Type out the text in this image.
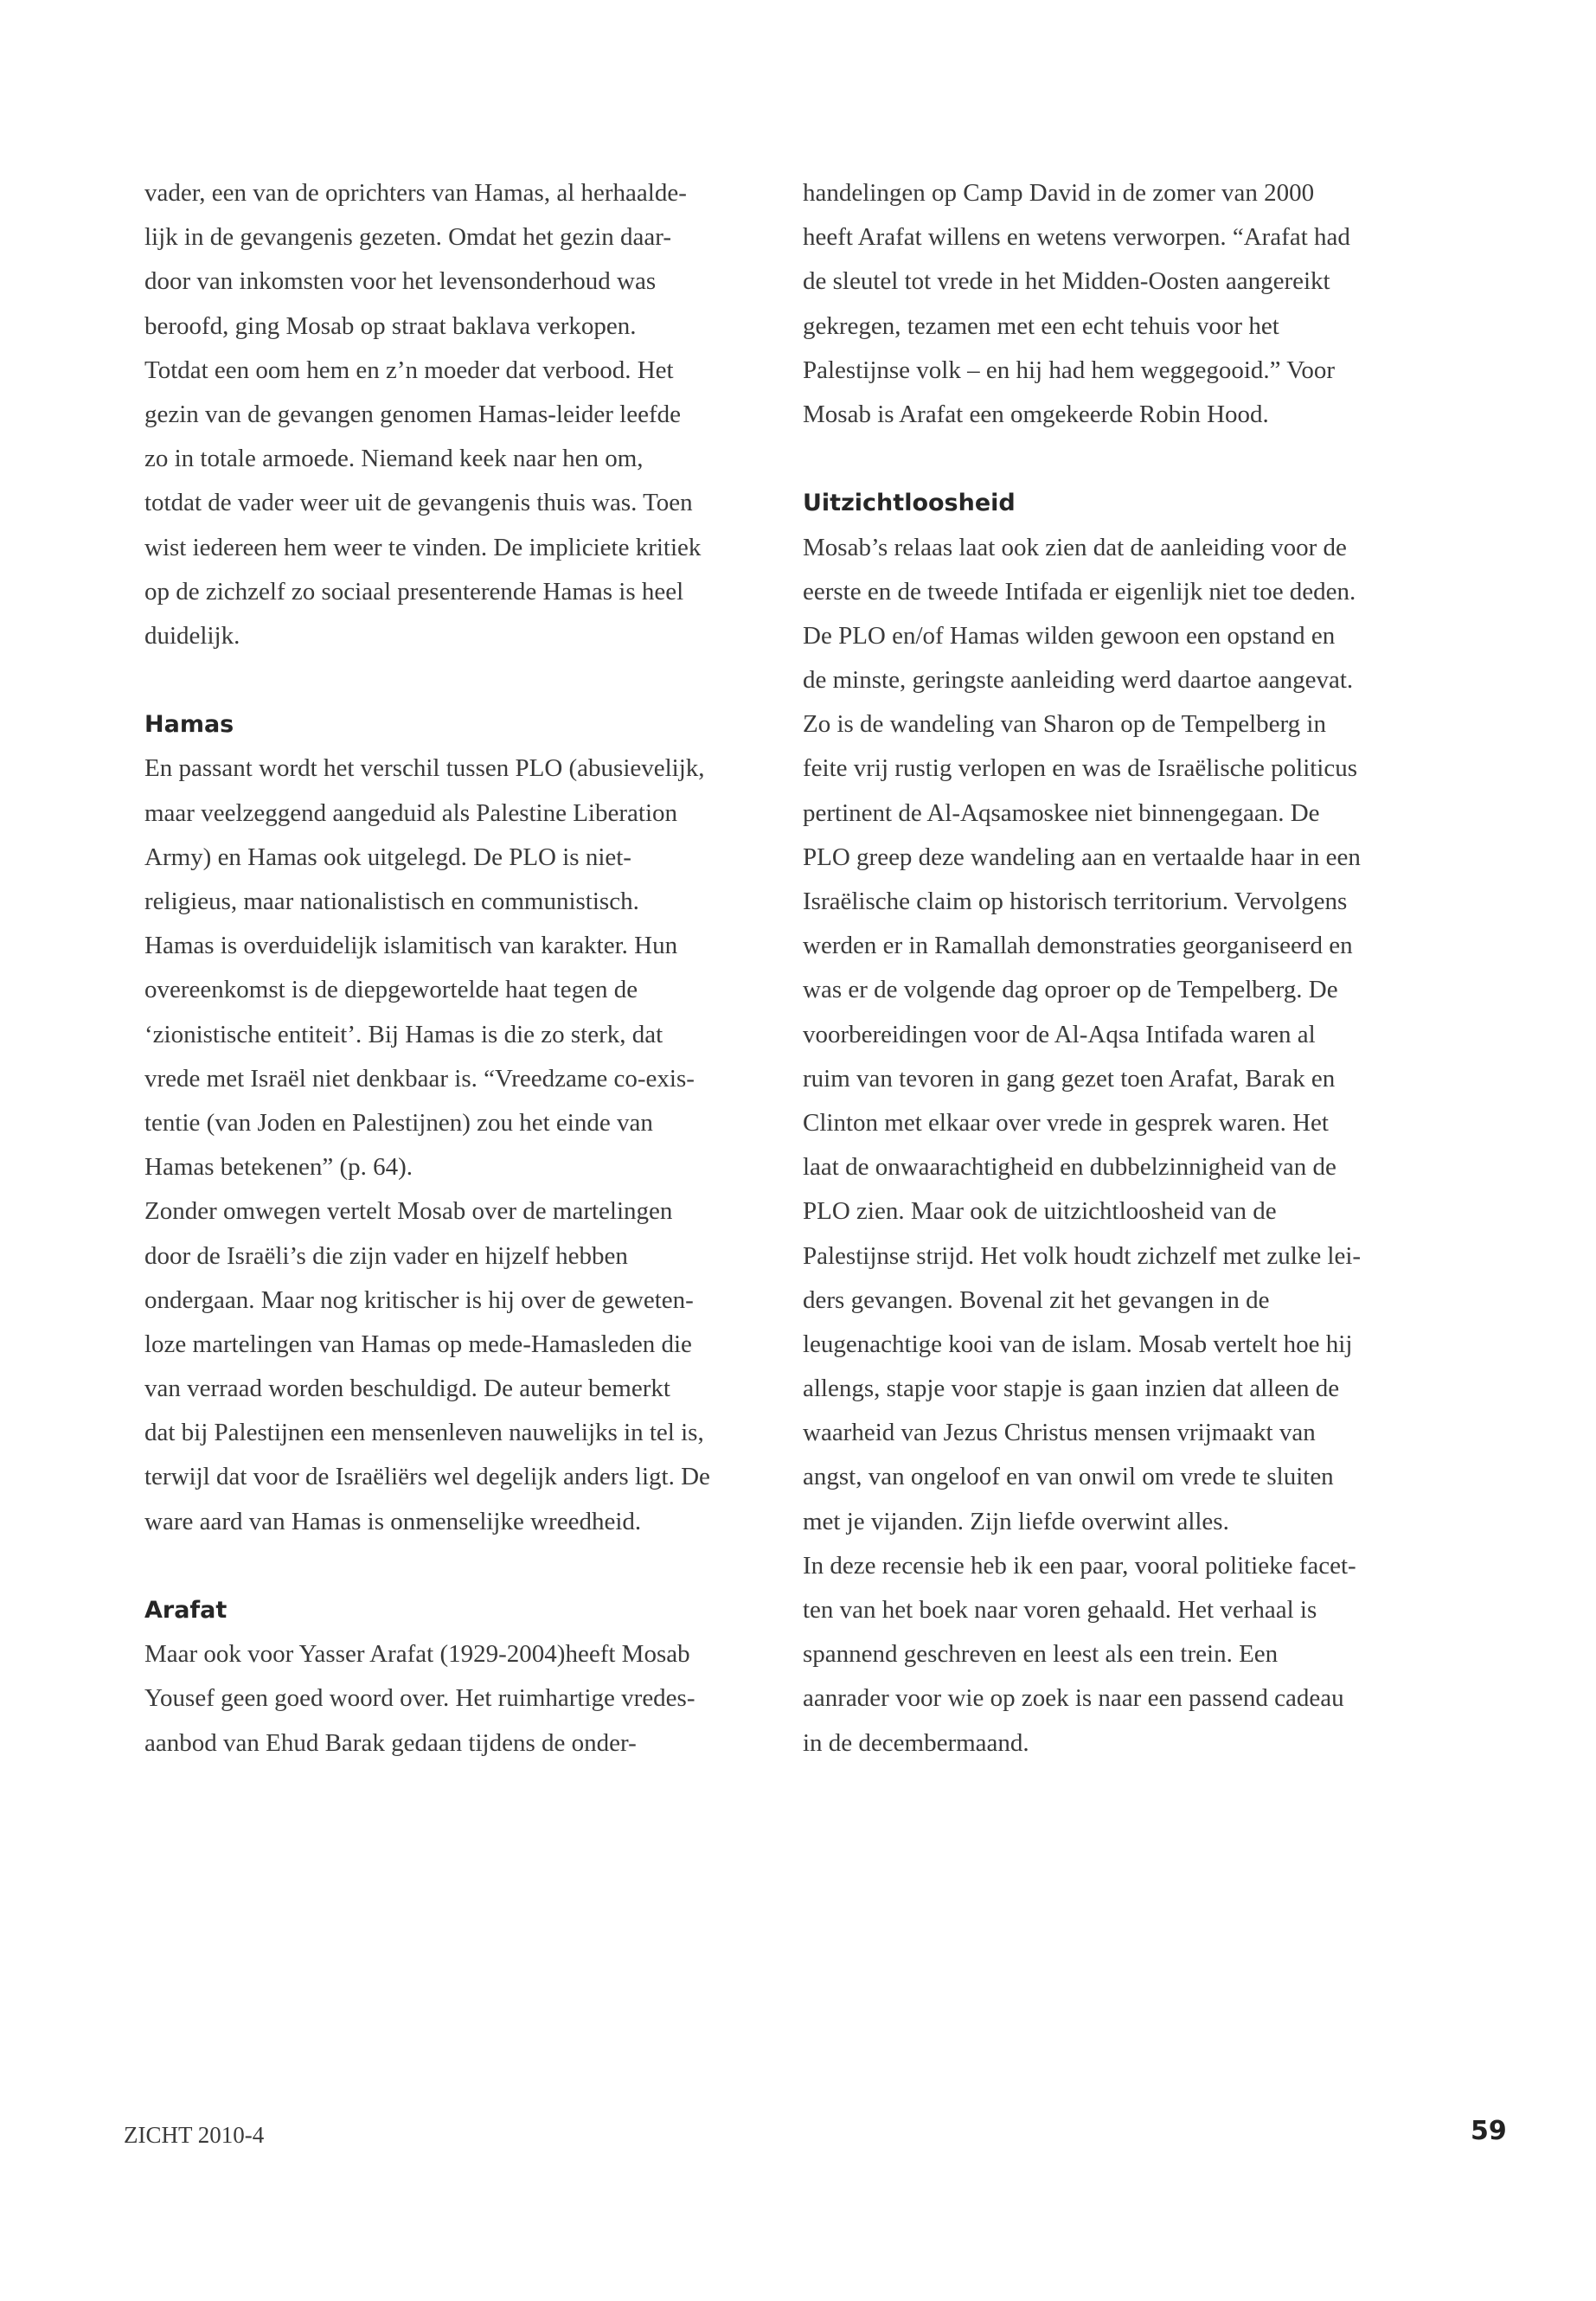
vader, een van de oprichters van Hamas, al herhaalde-
lijk in de gevangenis gezeten. Omdat het gezin daar-
door van inkomsten voor het levensonderhoud was
beroofd, ging Mosab op straat baklava verkopen.
Totdat een oom hem en z’n moeder dat verbood. Het
gezin van de gevangen genomen Hamas-leider leefde
zo in totale armoede. Niemand keek naar hen om,
totdat de vader weer uit de gevangenis thuis was. Toen
wist iedereen hem weer te vinden. De impliciete kritiek
op de zichzelf zo sociaal presenterende Hamas is heel
duidelijk.
Hamas
En passant wordt het verschil tussen PLO (abusievelijk,
maar veelzeggend aangeduid als Palestine Liberation
Army) en Hamas ook uitgelegd. De PLO is niet-
religieus, maar nationalistisch en communistisch.
Hamas is overduidelijk islamitisch van karakter. Hun
overeenkomst is de diepgewortelde haat tegen de
‘zionistische entiteit’. Bij Hamas is die zo sterk, dat
vrede met Israël niet denkbaar is. “Vreedzame co-exis-
tentie (van Joden en Palestijnen) zou het einde van
Hamas betekenen” (p. 64).
Zonder omwegen vertelt Mosab over de martelingen
door de Israëli’s die zijn vader en hijzelf hebben
ondergaan. Maar nog kritischer is hij over de geweten-
loze martelingen van Hamas op mede-Hamasleden die
van verraad worden beschuldigd. De auteur bemerkt
dat bij Palestijnen een mensenleven nauwelijks in tel is,
terwijl dat voor de Israëliërs wel degelijk anders ligt. De
ware aard van Hamas is onmenselijke wreedheid.
Arafat
Maar ook voor Yasser Arafat (1929-2004)heeft Mosab
Yousef geen goed woord over. Het ruimhartige vredes-
aanbod van Ehud Barak gedaan tijdens de onder-
handelingen op Camp David in de zomer van 2000
heeft Arafat willens en wetens verworpen. “Arafat had
de sleutel tot vrede in het Midden-Oosten aangereikt
gekregen, tezamen met een echt tehuis voor het
Palestijnse volk – en hij had hem weggegooid.” Voor
Mosab is Arafat een omgekeerde Robin Hood.
Uitzichtloosheid
Mosab’s relaas laat ook zien dat de aanleiding voor de
eerste en de tweede Intifada er eigenlijk niet toe deden.
De PLO en/of Hamas wilden gewoon een opstand en
de minste, geringste aanleiding werd daartoe aangevat.
Zo is de wandeling van Sharon op de Tempelberg in
feite vrij rustig verlopen en was de Israëlische politicus
pertinent de Al-Aqsamoskee niet binnengegaan. De
PLO greep deze wandeling aan en vertaalde haar in een
Israëlische claim op historisch territorium. Vervolgens
werden er in Ramallah demonstraties georganiseerd en
was er de volgende dag oproer op de Tempelberg. De
voorbereidingen voor de Al-Aqsa Intifada waren al
ruim van tevoren in gang gezet toen Arafat, Barak en
Clinton met elkaar over vrede in gesprek waren. Het
laat de onwaarachtigheid en dubbelzinnigheid van de
PLO zien. Maar ook de uitzichtloosheid van de
Palestijnse strijd. Het volk houdt zichzelf met zulke lei-
ders gevangen. Bovenal zit het gevangen in de
leugenachtige kooi van de islam. Mosab vertelt hoe hij
allengs, stapje voor stapje is gaan inzien dat alleen de
waarheid van Jezus Christus mensen vrijmaakt van
angst, van ongeloof en van onwil om vrede te sluiten
met je vijanden. Zijn liefde overwint alles.
In deze recensie heb ik een paar, vooral politieke facet-
ten van het boek naar voren gehaald. Het verhaal is
spannend geschreven en leest als een trein. Een
aanrader voor wie op zoek is naar een passend cadeau
in de decembermaand.
ZICHT 2010-4	59
